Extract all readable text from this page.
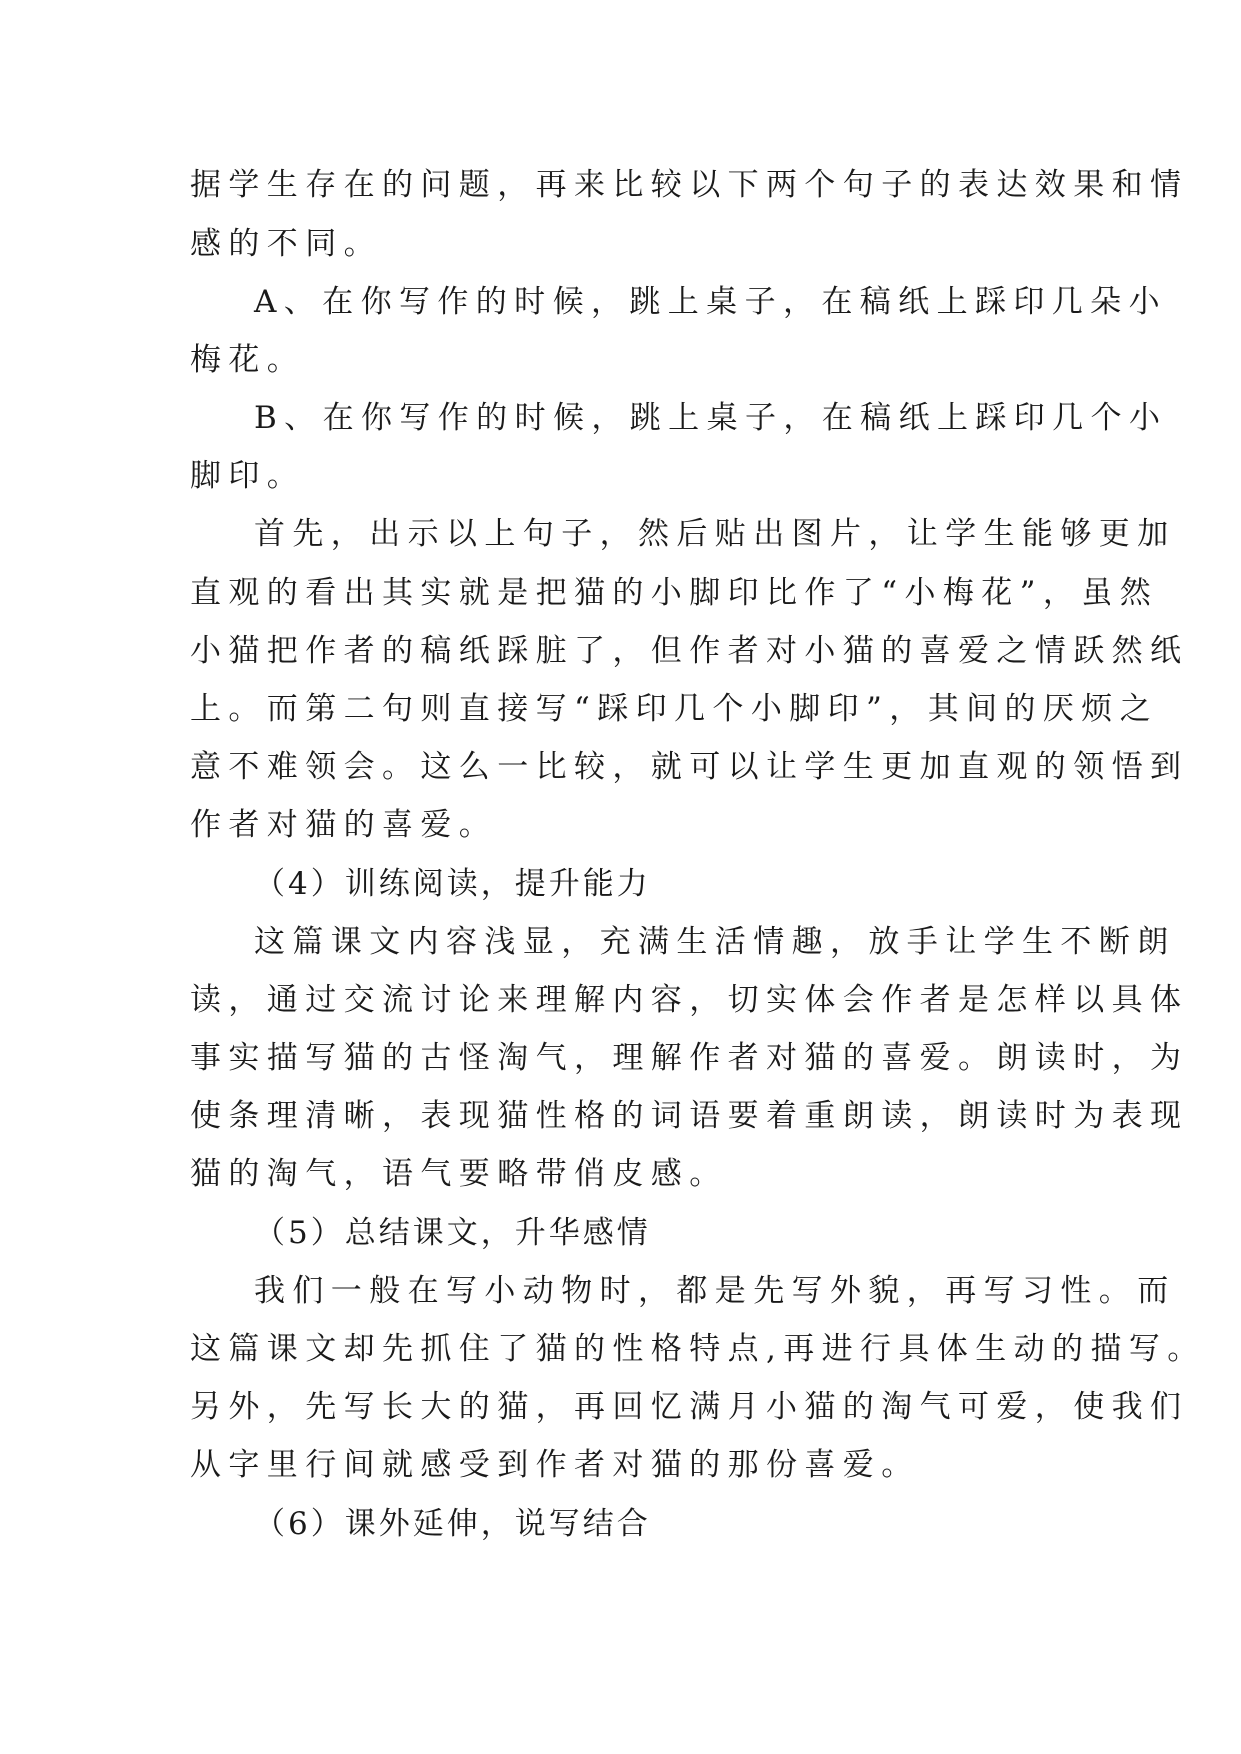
据学生存在的问题，再来比较以下两个句子的表达效果和情
感的不同。
A、在你写作的时候，跳上桌子，在稿纸上踩印几朵小
梅花。
B、在你写作的时候，跳上桌子，在稿纸上踩印几个小
脚印。
首先，出示以上句子，然后贴出图片，让学生能够更加
直观的看出其实就是把猫的小脚印比作了“小梅花”，虽然
小猫把作者的稿纸踩脏了，但作者对小猫的喜爱之情跃然纸
上。而第二句则直接写“踩印几个小脚印”，其间的厌烦之
意不难领会。这么一比较，就可以让学生更加直观的领悟到
作者对猫的喜爱。
（4）训练阅读，提升能力
这篇课文内容浅显，充满生活情趣，放手让学生不断朗
读，通过交流讨论来理解内容，切实体会作者是怎样以具体
事实描写猫的古怪淘气，理解作者对猫的喜爱。朗读时，为
使条理清晰，表现猫性格的词语要着重朗读，朗读时为表现
猫的淘气，语气要略带俏皮感。
（5）总结课文，升华感情
我们一般在写小动物时，都是先写外貌，再写习性。而
这篇课文却先抓住了猫的性格特点,再进行具体生动的描写。
另外，先写长大的猫，再回忆满月小猫的淘气可爱，使我们
从字里行间就感受到作者对猫的那份喜爱。
（6）课外延伸，说写结合
